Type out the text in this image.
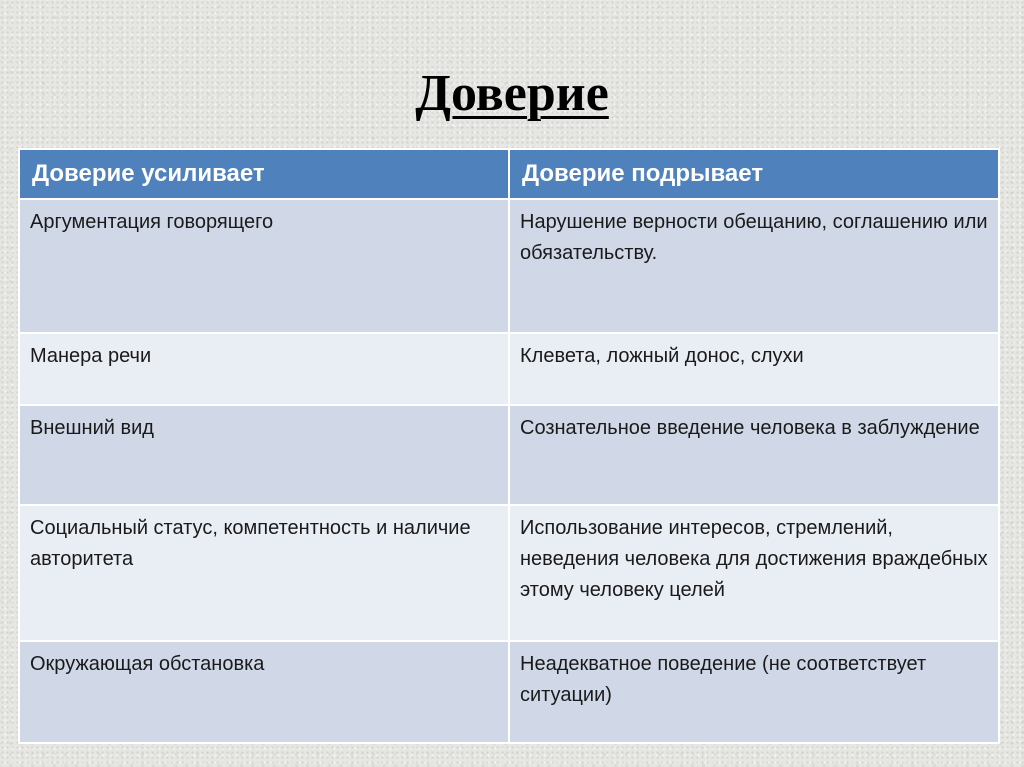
Доверие
Доверие усиливает	Доверие подрывает
Аргументация говорящего	Нарушение верности обещанию, соглашению или обязательству.
Манера речи	Клевета, ложный донос, слухи
Внешний вид	Сознательное введение человека в заблуждение
Социальный статус, компетентность и наличие авторитета	Использование интересов, стремлений, неведения человека для достижения враждебных этому человеку целей
Окружающая обстановка	Неадекватное поведение (не соответствует ситуации)
